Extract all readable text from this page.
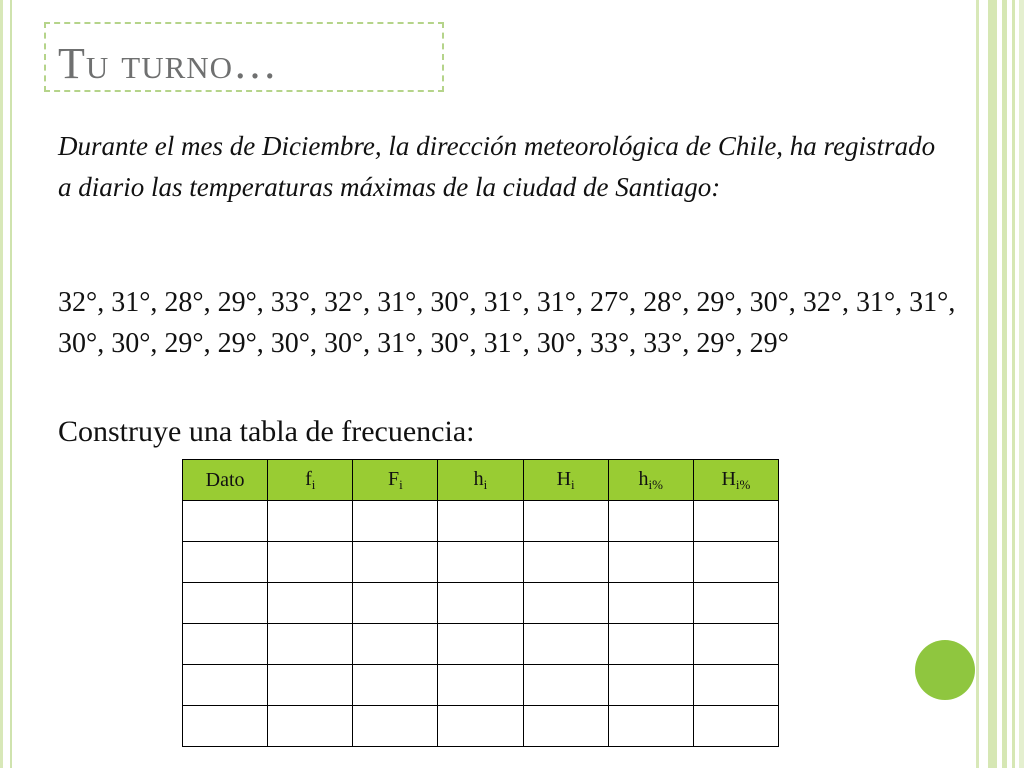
Tu turno…

Durante el mes de Diciembre, la dirección meteorológica de Chile, ha registrado a diario las temperaturas máximas de la ciudad de Santiago:

32°, 31°, 28°, 29°, 33°, 32°, 31°, 30°, 31°, 31°, 27°, 28°, 29°, 30°, 32°, 31°, 31°, 30°, 30°, 29°, 29°, 30°, 30°, 31°, 30°, 31°, 30°, 33°, 33°, 29°, 29°

Construye una tabla de frecuencia:

Dato	$f_i$	$F_i$	$h_i$	$H_i$	$h_{i\%}$	$H_{i\%}$
